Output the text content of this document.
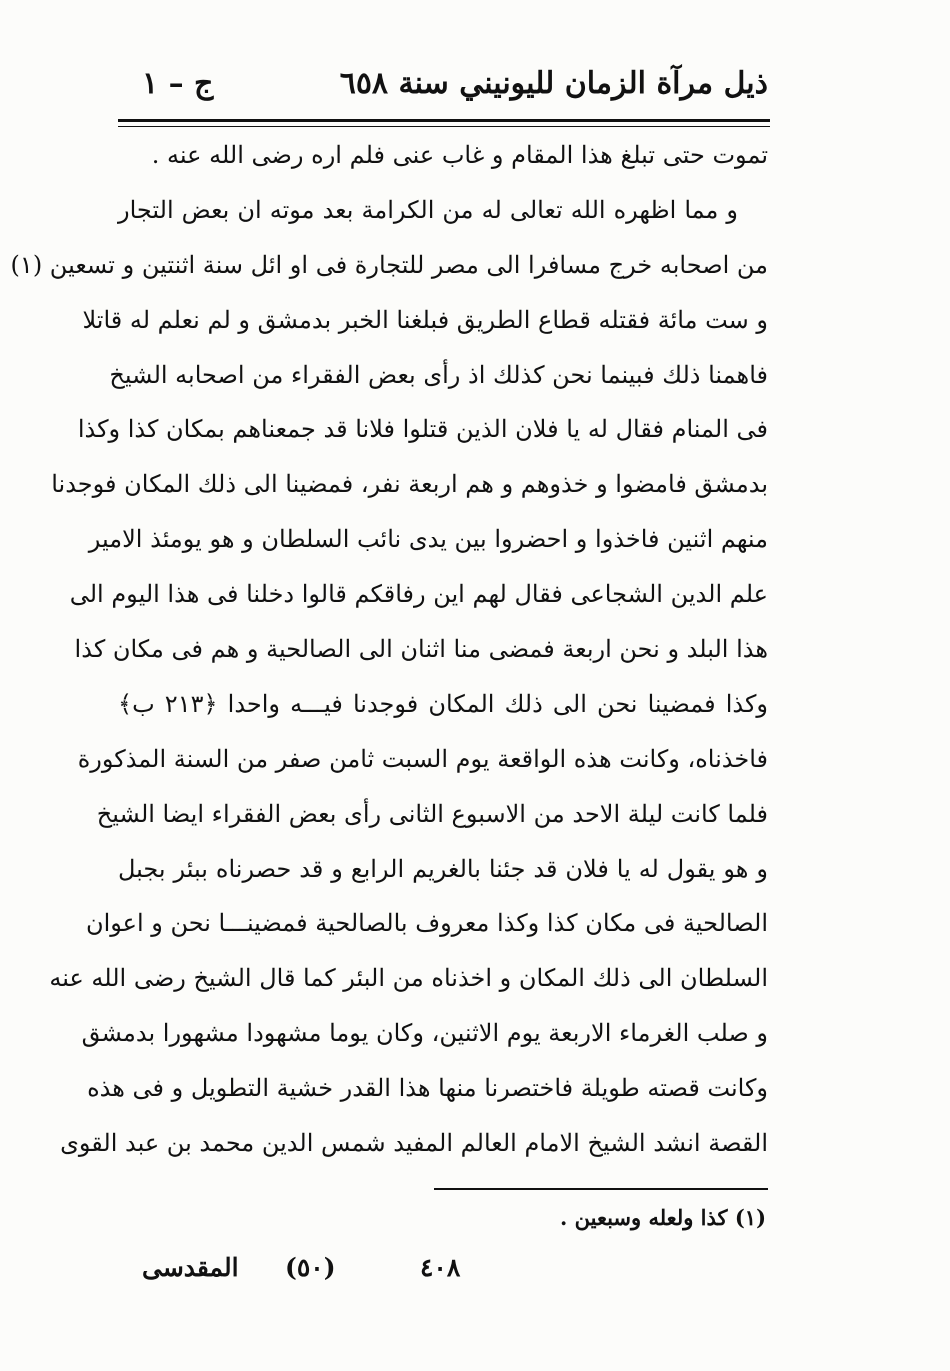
ذيل مرآة الزمان لليونيني سنة ٦٥٨
ج – ١
تموت حتى تبلغ هذا المقام و غاب عنى فلم اره رضى الله عنه .
و مما اظهره الله تعالى له من الكرامة بعد موته ان بعض التجار
من اصحابه خرج مسافرا الى مصر للتجارة فى او ائل سنة اثنتين و تسعين (١)
و ست مائة فقتله قطاع الطريق فبلغنا الخبر بدمشق و لم نعلم له قاتلا
فاهمنا ذلك فبينما نحن كذلك اذ رأى بعض الفقراء من اصحابه الشيخ
فى المنام فقال له يا فلان الذين قتلوا فلانا قد جمعناهم بمكان كذا وكذا
بدمشق فامضوا و خذوهم و هم اربعة نفر، فمضينا الى ذلك المكان فوجدنا
منهم اثنين فاخذوا و احضروا بين يدى نائب السلطان و هو يومئذ الامير
علم الدين الشجاعى فقال لهم اين رفاقكم قالوا دخلنا فى هذا اليوم الى
هذا البلد و نحن اربعة فمضى منا اثنان الى الصالحية و هم فى مكان كذا
وكذا فمضينا نحن الى ذلك المكان فوجدنا فيـــه واحدا ﴿٢١٣ ب﴾
فاخذناه، وكانت هذه الواقعة يوم السبت ثامن صفر من السنة المذكورة
فلما كانت ليلة الاحد من الاسبوع الثانى رأى بعض الفقراء ايضا الشيخ
و هو يقول له يا فلان قد جئنا بالغريم الرابع و قد حصرناه ببئر بجبل
الصالحية فى مكان كذا وكذا معروف بالصالحية فمضينـــا نحن و اعوان
السلطان الى ذلك المكان و اخذناه من البئر كما قال الشيخ رضى الله عنه
و صلب الغرماء الاربعة يوم الاثنين، وكان يوما مشهودا مشهورا بدمشق
وكانت قصته طويلة فاختصرنا منها هذا القدر خشية التطويل و فى هذه
القصة انشد الشيخ الامام العالم المفيد شمس الدين محمد بن عبد القوى
(١) كذا ولعله وسبعين .
المقدسى (٥٠)	٤٠٨
